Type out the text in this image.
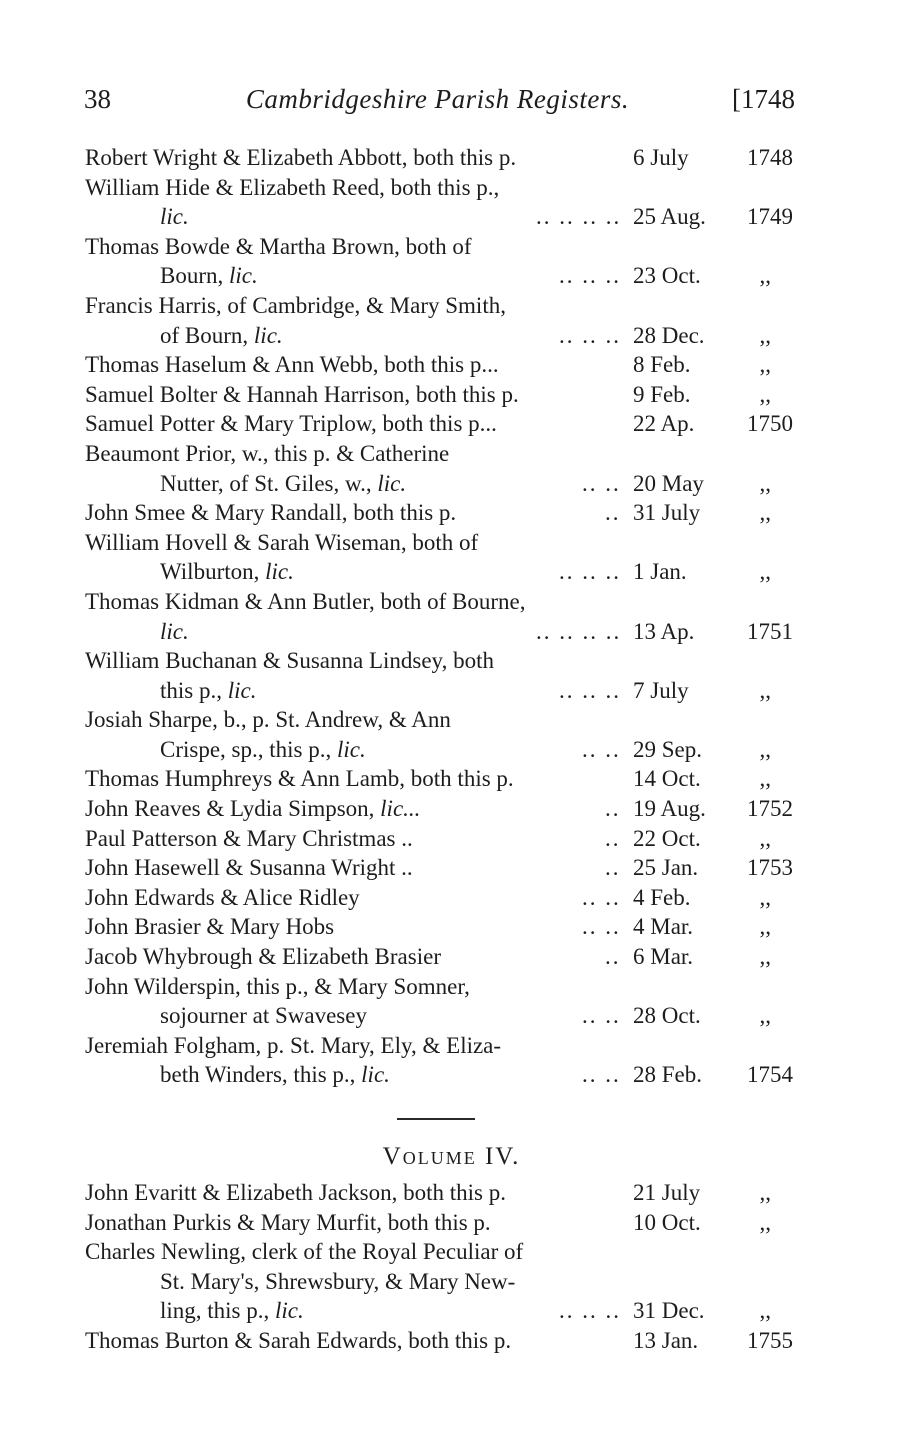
38	Cambridgeshire Parish Registers.	[1748
Robert Wright & Elizabeth Abbott, both this p.	6 July	1748
William Hide & Elizabeth Reed, both this p.,
lic.	.. .. .. .. 25 Aug. 1749
Thomas Bowde & Martha Brown, both of
Bourn, lic.	.. .. .. 23 Oct.	,,
Francis Harris, of Cambridge, & Mary Smith,
of Bourn, lic.	.. .. .. 28 Dec. ,,
Thomas Haselum & Ann Webb, both this p...	8 Feb.	,,
Samuel Bolter & Hannah Harrison, both this p.	9 Feb.	,,
Samuel Potter & Mary Triplow, both this p...	22 Ap. 1750
Beaumont Prior, w., this p. & Catherine
Nutter, of St. Giles, w., lic.	.. .. 20 May ,,
John Smee & Mary Randall, both this p.	.. 31 July	,,
William Hovell & Sarah Wiseman, both of
Wilburton, lic.	.. .. .. 1 Jan.	,,
Thomas Kidman & Ann Butler, both of Bourne,
lic.	.. .. .. .. 13 Ap. 1751
William Buchanan & Susanna Lindsey, both
this p., lic.	.. .. .. 7 July	,,
Josiah Sharpe, b., p. St. Andrew, & Ann
Crispe, sp., this p., lic.	.. .. 29 Sep.	,,
Thomas Humphreys & Ann Lamb, both this p.	14 Oct.	,,
John Reaves & Lydia Simpson, lic...	.. 19 Aug. 1752
Paul Patterson & Mary Christmas ..	.. 22 Oct.	,,
John Hasewell & Susanna Wright ..	.. 25 Jan. 1753
John Edwards & Alice Ridley	.. .. 4 Feb.	,,
John Brasier & Mary Hobs	.. .. 4 Mar.	,,
Jacob Whybrough & Elizabeth Brasier	.. 6 Mar.	,,
John Wilderspin, this p., & Mary Somner,
sojourner at Swavesey	.. .. 28 Oct.	,,
Jeremiah Folgham, p. St. Mary, Ely, & Eliza-
beth Winders, this p., lic.	.. .. 28 Feb. 1754
Volume IV.
John Evaritt & Elizabeth Jackson, both this p.	21 July	,,
Jonathan Purkis & Mary Murfit, both this p.	10 Oct.	,,
Charles Newling, clerk of the Royal Peculiar of
St. Mary's, Shrewsbury, & Mary New-
ling, this p., lic.	.. .. .. 31 Dec. ,,
Thomas Burton & Sarah Edwards, both this p.	13 Jan. 1755
